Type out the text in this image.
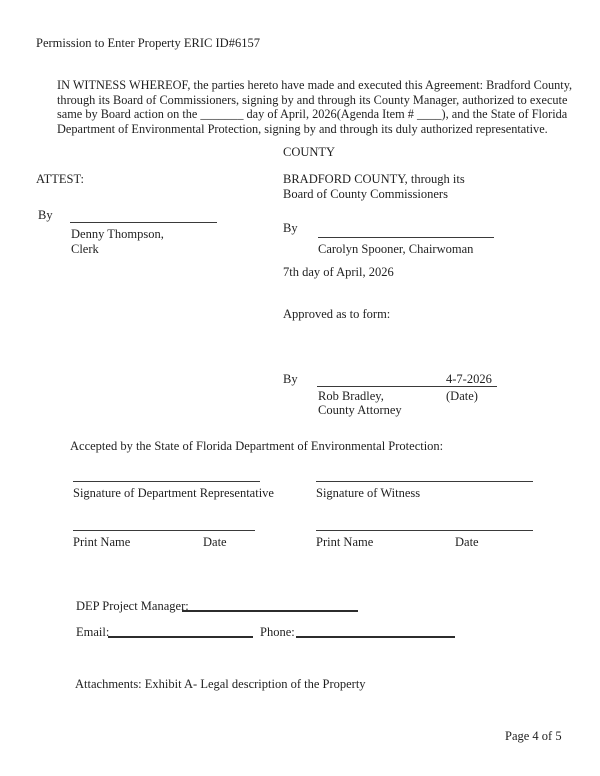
Permission to Enter Property ERIC ID#6157
IN WITNESS WHEREOF, the parties hereto have made and executed this Agreement: Bradford County,
through its Board of Commissioners, signing by and through its County Manager, authorized to execute
same by Board action on the _______ day of April, 2026(Agenda Item # ____), and the State of Florida
Department of Environmental Protection, signing by and through its duly authorized representative.
COUNTY
ATTEST:	BRADFORD COUNTY, through its
Board of County Commissioners
By
Denny Thompson,
Clerk
By
Carolyn Spooner, Chairwoman
7th day of April, 2026
Approved as to form:
By	4-7-2026
Rob Bradley,	(Date)
County Attorney
Accepted by the State of Florida Department of Environmental Protection:
Signature of Department Representative	Signature of Witness
Print Name	Date	Print Name	Date
DEP Project Manager:
Email:	Phone:
Attachments: Exhibit A- Legal description of the Property
Page 4 of 5
